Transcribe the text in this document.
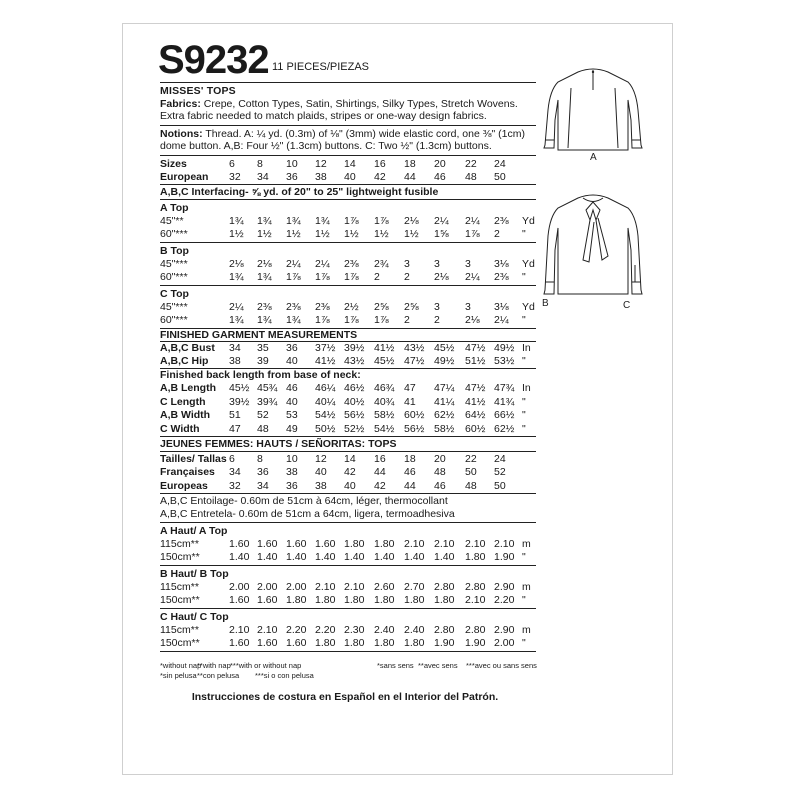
S9232 11 PIECES/PIEZAS
MISSES' TOPS
Fabrics: Crepe, Cotton Types, Satin, Shirtings, Silky Types, Stretch Wovens. Extra fabric needed to match plaids, stripes or one-way design fabrics.
Notions: Thread. A: ¼ yd. (0.3m) of ⅛" (3mm) wide elastic cord, one ⅜" (1cm) dome button. A,B: Four ½" (1.3cm) buttons. C: Two ½" (1.3cm) buttons.
Sizes	6 8 10 12 14 16 18 20 22 24
European 32 34 36 38 40 42 44 46 48 50
A,B,C Interfacing- ⅝ yd. of 20" to 25" lightweight fusible
A Top
45"**	1¾ 1¾ 1¾ 1¾ 1⅞ 1⅞ 2⅛ 2¼ 2¼ 2⅜ Yd
60"***	1½ 1½ 1½ 1½ 1½ 1½ 1½ 1⅝ 1⅞ 2 "
B Top
45"***	2⅛ 2⅛ 2¼ 2¼ 2⅜ 2¾ 3 3 3 3⅛ Yd
60"***	1¾ 1¾ 1⅞ 1⅞ 1⅞ 2 2 2⅛ 2¼ 2⅜ "
C Top
45"***	2¼ 2⅜ 2⅜ 2⅜ 2½ 2⅝ 2⅝ 3 3 3⅛ Yd
60"***	1¾ 1¾ 1¾ 1⅞ 1⅞ 1⅞ 2 2 2⅛ 2¼ "
FINISHED GARMENT MEASUREMENTS
A,B,C Bust 34 35 36 37½ 39½ 41½ 43½ 45½ 47½ 49½ In
A,B,C Hip 38 39 40 41½ 43½ 45½ 47½ 49½ 51½ 53½ "
Finished back length from base of neck:
A,B Length 45½ 45¾ 46 46¼ 46½ 46¾ 47 47¼ 47½ 47¾ In
C Length 39½ 39¾ 40 40¼ 40½ 40¾ 41 41¼ 41½ 41¾ "
A,B Width 51 52 53 54½ 56½ 58½ 60½ 62½ 64½ 66½ "
C Width	47 48 49 50½ 52½ 54½ 56½ 58½ 60½ 62½ "
JEUNES FEMMES: HAUTS / SEÑORITAS: TOPS
Tailles/ Tallas 6 8 10 12 14 16 18 20 22 24
Françaises 34 36 38 40 42 44 46 48 50 52
Europeas 32 34 36 38 40 42 44 46 48 50
A,B,C Entoilage- 0.60m de 51cm à 64cm, léger, thermocollant
A,B,C Entretela- 0.60m de 51cm a 64cm, ligera, termoadhesiva
A Haut/ A Top
115cm**	1.60 1.60 1.60 1.60 1.80 1.80 2.10 2.10 2.10 2.10 m
150cm**	1.40 1.40 1.40 1.40 1.40 1.40 1.40 1.40 1.80 1.90 "
B Haut/ B Top
115cm**	2.00 2.00 2.00 2.10 2.10 2.60 2.70 2.80 2.80 2.90 m
150cm**	1.60 1.60 1.80 1.80 1.80 1.80 1.80 1.80 2.10 2.20 "
C Haut/ C Top
115cm**	2.10 2.10 2.20 2.20 2.30 2.40 2.40 2.80 2.80 2.90 m
150cm**	1.60 1.60 1.60 1.80 1.80 1.80 1.80 1.90 1.90 2.00 "
*without nap
**with nap ***with or without nap
*sin pelusa **con pelusa ***si o con pelusa
*sans sens **avec sens ***avec ou sans sens
Instrucciones de costura en Español en el Interior del Patrón.
A
B	C
